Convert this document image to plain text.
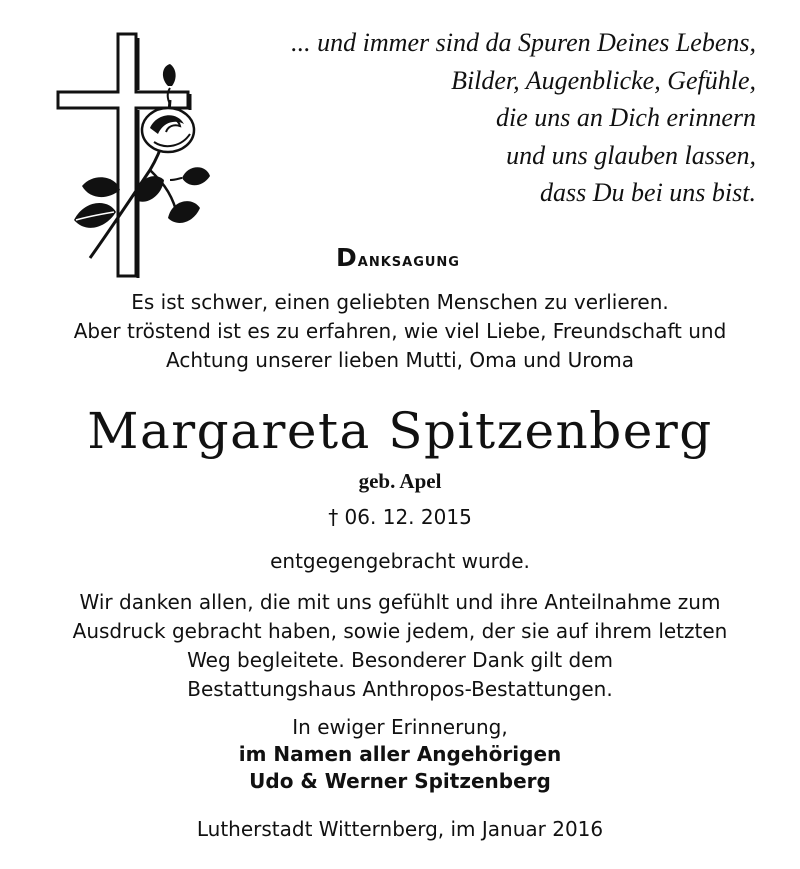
... und immer sind da Spuren Deines Lebens,
Bilder, Augenblicke, Gefühle,
die uns an Dich erinnern
und uns glauben lassen,
dass Du bei uns bist.
Danksagung
Es ist schwer, einen geliebten Menschen zu verlieren.
Aber tröstend ist es zu erfahren, wie viel Liebe, Freundschaft und
Achtung unserer lieben Mutti, Oma und Uroma
Margareta Spitzenberg
geb. Apel
† 06. 12. 2015
entgegengebracht wurde.
Wir danken allen, die mit uns gefühlt und ihre Anteilnahme zum
Ausdruck gebracht haben, sowie jedem, der sie auf ihrem letzten
Weg begleitete. Besonderer Dank gilt dem
Bestattungshaus Anthropos-Bestattungen.
In ewiger Erinnerung,
im Namen aller Angehörigen
Udo & Werner Spitzenberg
Lutherstadt Witternberg, im Januar 2016
